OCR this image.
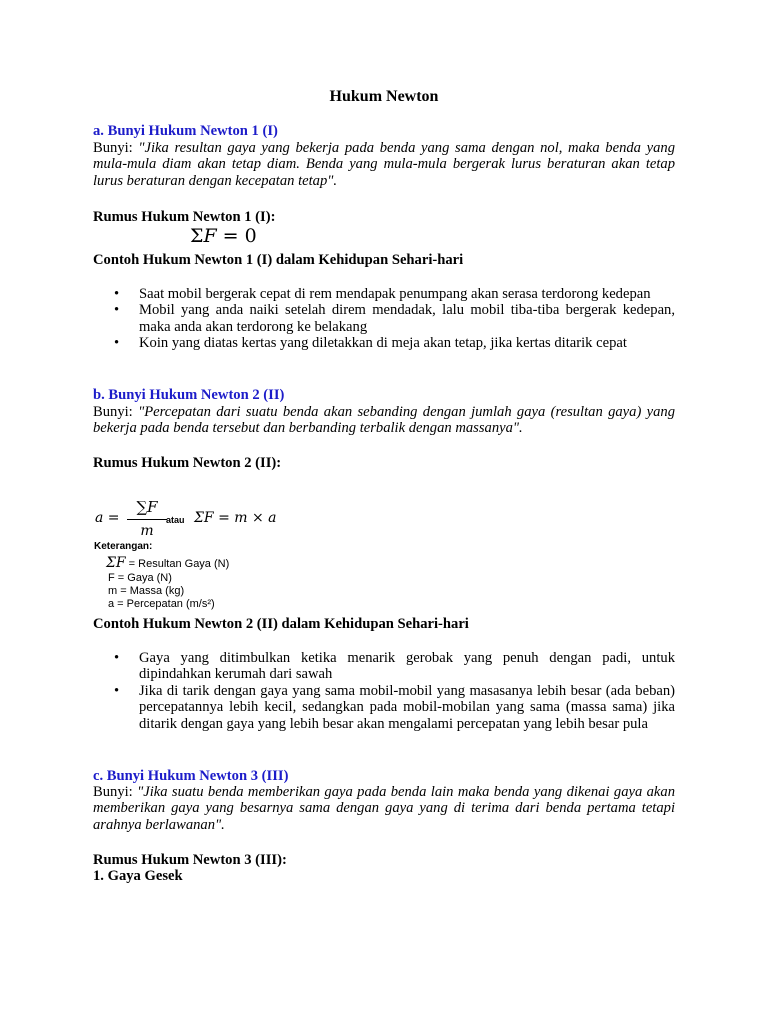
Hukum Newton
a. Bunyi Hukum Newton 1 (I)
Bunyi: "Jika resultan gaya yang bekerja pada benda yang sama dengan nol, maka benda yang mula-mula diam akan tetap diam. Benda yang mula-mula bergerak lurus beraturan akan tetap lurus beraturan dengan kecepatan tetap".
Rumus Hukum Newton 1 (I):
ΣF = 0
Contoh Hukum Newton 1 (I) dalam Kehidupan Sehari-hari
• Saat mobil bergerak cepat di rem mendapak penumpang akan serasa terdorong kedepan
• Mobil yang anda naiki setelah direm mendadak, lalu mobil tiba-tiba bergerak kedepan, maka anda akan terdorong ke belakang
• Koin yang diatas kertas yang diletakkan di meja akan tetap, jika kertas ditarik cepat
b. Bunyi Hukum Newton 2 (II)
Bunyi: "Percepatan dari suatu benda akan sebanding dengan jumlah gaya (resultan gaya) yang bekerja pada benda tersebut dan berbanding terbalik dengan massanya".
Rumus Hukum Newton 2 (II):
a =
∑F
m
atau ΣF = m × a
Keterangan:
ΣF = Resultan Gaya (N)
F = Gaya (N)
m = Massa (kg)
a = Percepatan (m/s²)
Contoh Hukum Newton 2 (II) dalam Kehidupan Sehari-hari
• Gaya yang ditimbulkan ketika menarik gerobak yang penuh dengan padi, untuk dipindahkan kerumah dari sawah
• Jika di tarik dengan gaya yang sama mobil-mobil yang masasanya lebih besar (ada beban) percepatannya lebih kecil, sedangkan pada mobil-mobilan yang sama (massa sama) jika ditarik dengan gaya yang lebih besar akan mengalami percepatan yang lebih besar pula
c. Bunyi Hukum Newton 3 (III)
Bunyi: "Jika suatu benda memberikan gaya pada benda lain maka benda yang dikenai gaya akan memberikan gaya yang besarnya sama dengan gaya yang di terima dari benda pertama tetapi arahnya berlawanan".
Rumus Hukum Newton 3 (III):
1. Gaya Gesek
